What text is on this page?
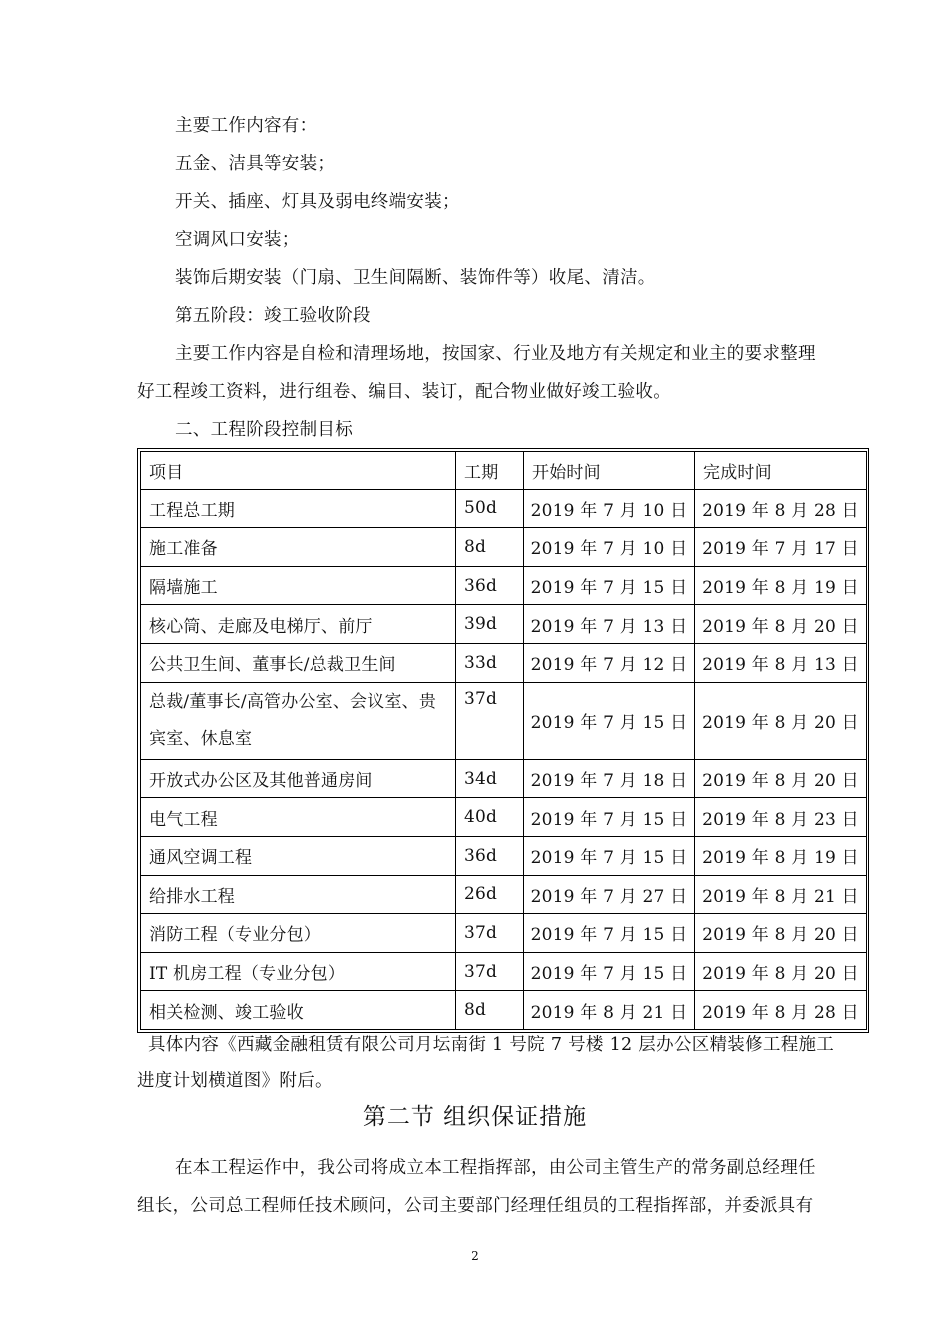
主要工作内容有：
五金、洁具等安装；
开关、插座、灯具及弱电终端安装；
空调风口安装；
装饰后期安装（门扇、卫生间隔断、装饰件等）收尾、清洁。
第五阶段：竣工验收阶段
主要工作内容是自检和清理场地，按国家、行业及地方有关规定和业主的要求整理
好工程竣工资料，进行组卷、编目、装订，配合物业做好竣工验收。
二、工程阶段控制目标
项目	工期	开始时间	完成时间
工程总工期	50d	2019 年 7 月 10 日	2019 年 8 月 28 日
施工准备	8d	2019 年 7 月 10 日	2019 年 7 月 17 日
隔墙施工	36d	2019 年 7 月 15 日	2019 年 8 月 19 日
核心筒、走廊及电梯厅、前厅	39d	2019 年 7 月 13 日	2019 年 8 月 20 日
公共卫生间、董事长/总裁卫生间	33d	2019 年 7 月 12 日	2019 年 8 月 13 日
总裁/董事长/高管办公室、会议室、贵宾室、休息室	37d	2019 年 7 月 15 日	2019 年 8 月 20 日
开放式办公区及其他普通房间	34d	2019 年 7 月 18 日	2019 年 8 月 20 日
电气工程	40d	2019 年 7 月 15 日	2019 年 8 月 23 日
通风空调工程	36d	2019 年 7 月 15 日	2019 年 8 月 19 日
给排水工程	26d	2019 年 7 月 27 日	2019 年 8 月 21 日
消防工程（专业分包）	37d	2019 年 7 月 15 日	2019 年 8 月 20 日
IT 机房工程（专业分包）	37d	2019 年 7 月 15 日	2019 年 8 月 20 日
相关检测、竣工验收	8d	2019 年 8 月 21 日	2019 年 8 月 28 日
具体内容《西藏金融租赁有限公司月坛南街 1 号院 7 号楼 12 层办公区精装修工程施工
进度计划横道图》附后。
第二节 组织保证措施
在本工程运作中，我公司将成立本工程指挥部，由公司主管生产的常务副总经理任
组长，公司总工程师任技术顾问，公司主要部门经理任组员的工程指挥部，并委派具有
2
